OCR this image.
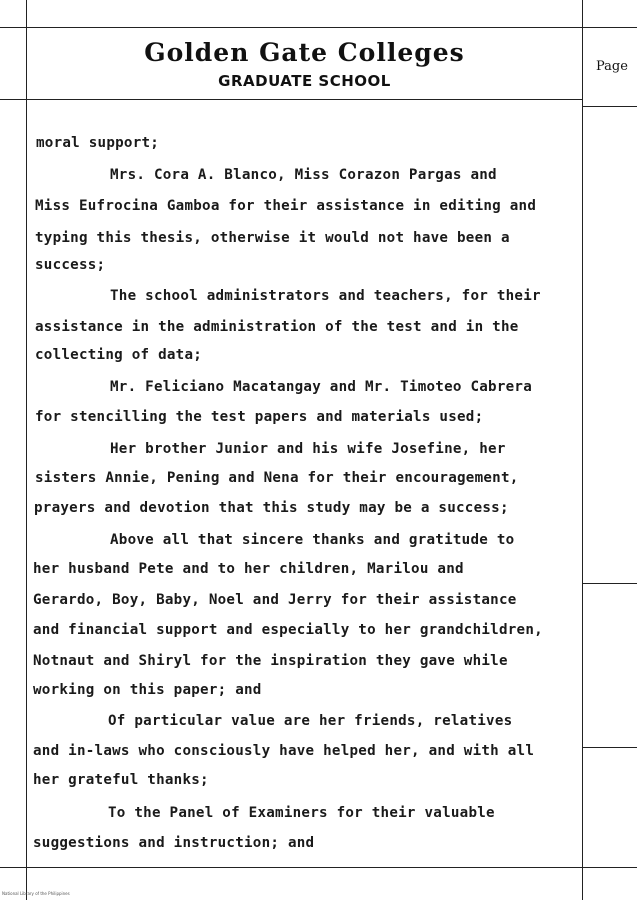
Golden Gate Colleges
GRADUATE SCHOOL
Page
moral support;
Mrs. Cora A. Blanco, Miss Corazon Pargas and
Miss Eufrocina Gamboa for their assistance in editing and
typing this thesis, otherwise it would not have been a
success;
The school administrators and teachers, for their
assistance in the administration of the test and in the
collecting of data;
Mr. Feliciano Macatangay and Mr. Timoteo Cabrera
for stencilling the test papers and materials used;
Her brother Junior and his wife Josefine, her
sisters Annie, Pening and Nena for their encouragement,
prayers and devotion that this study may be a success;
Above all that sincere thanks and gratitude to
her husband Pete and to her children, Marilou and
Gerardo, Boy, Baby, Noel and Jerry for their assistance
and financial support and especially to her grandchildren,
Notnaut and Shiryl for the inspiration they gave while
working on this paper; and
Of particular value are her friends, relatives
and in-laws who consciously have helped her, and with all
her grateful thanks;
To the Panel of Examiners for their valuable
suggestions and instruction; and
National Library of the Philippines
